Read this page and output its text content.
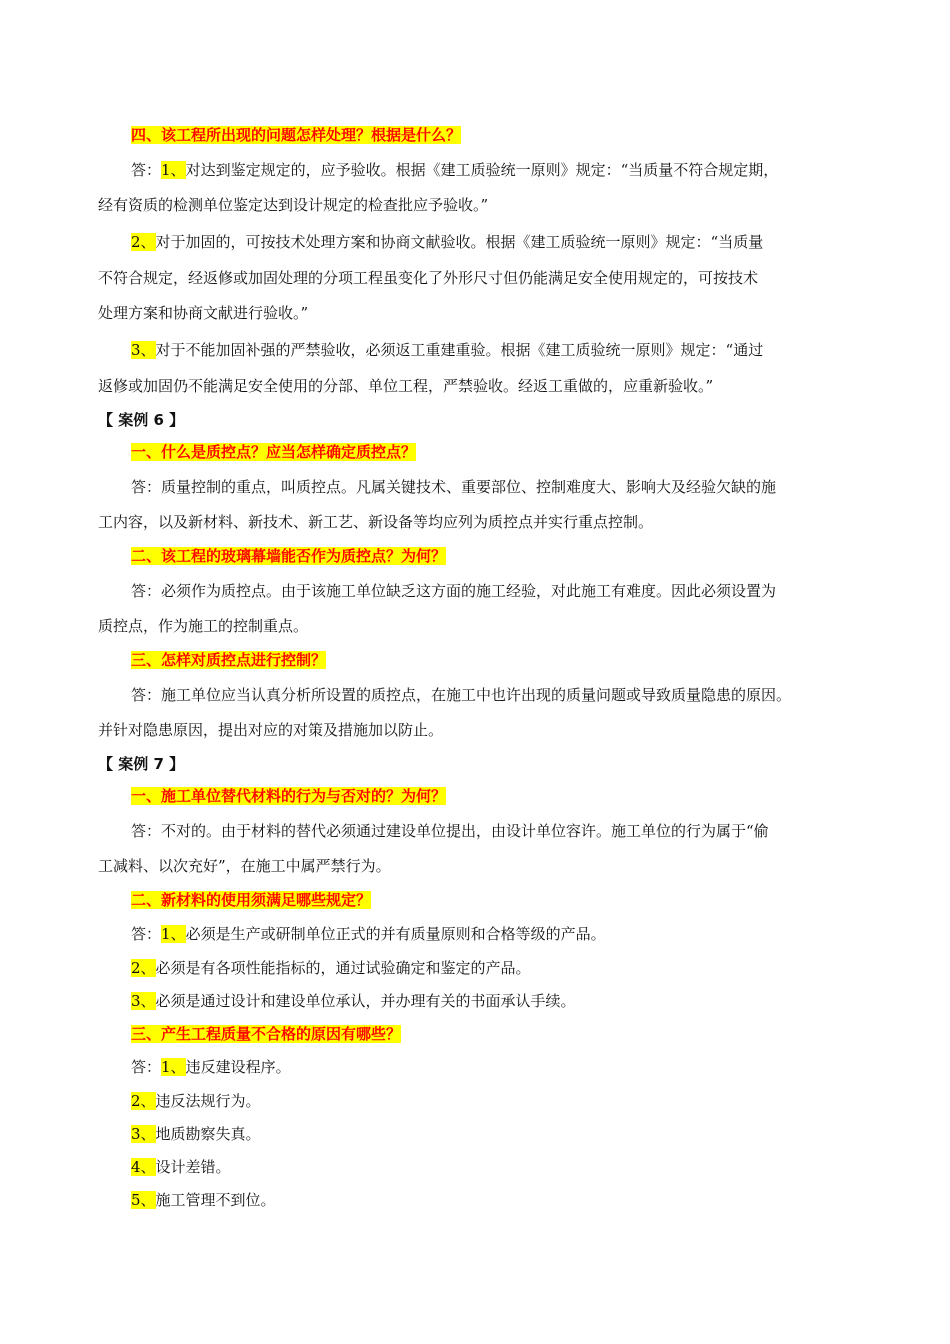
四、该工程所出现的问题怎样处理？根据是什么？
答：1、对达到鉴定规定的，应予验收。根据《建工质验统一原则》规定：“当质量不符合规定期，
经有资质的检测单位鉴定达到设计规定的检查批应予验收。”
2、对于加固的，可按技术处理方案和协商文献验收。根据《建工质验统一原则》规定：“当质量
不符合规定，经返修或加固处理的分项工程虽变化了外形尺寸但仍能满足安全使用规定的，可按技术
处理方案和协商文献进行验收。”
3、对于不能加固补强的严禁验收，必须返工重建重验。根据《建工质验统一原则》规定：“通过
返修或加固仍不能满足安全使用的分部、单位工程，严禁验收。经返工重做的，应重新验收。”
【 案例 6 】
一、什么是质控点？应当怎样确定质控点？
答：质量控制的重点，叫质控点。凡属关键技术、重要部位、控制难度大、影响大及经验欠缺的施
工内容，以及新材料、新技术、新工艺、新设备等均应列为质控点并实行重点控制。
二、该工程的玻璃幕墙能否作为质控点？为何？
答：必须作为质控点。由于该施工单位缺乏这方面的施工经验，对此施工有难度。因此必须设置为
质控点，作为施工的控制重点。
三、怎样对质控点进行控制？
答：施工单位应当认真分析所设置的质控点，在施工中也许出现的质量问题或导致质量隐患的原因。
并针对隐患原因，提出对应的对策及措施加以防止。
【 案例 7 】
一、施工单位替代材料的行为与否对的？为何？
答：不对的。由于材料的替代必须通过建设单位提出，由设计单位容许。施工单位的行为属于“偷
工减料、以次充好”，在施工中属严禁行为。
二、新材料的使用须满足哪些规定？
答：1、必须是生产或研制单位正式的并有质量原则和合格等级的产品。
2、必须是有各项性能指标的，通过试验确定和鉴定的产品。
3、必须是通过设计和建设单位承认，并办理有关的书面承认手续。
三、产生工程质量不合格的原因有哪些？
答：1、违反建设程序。
2、违反法规行为。
3、地质勘察失真。
4、设计差错。
5、施工管理不到位。
